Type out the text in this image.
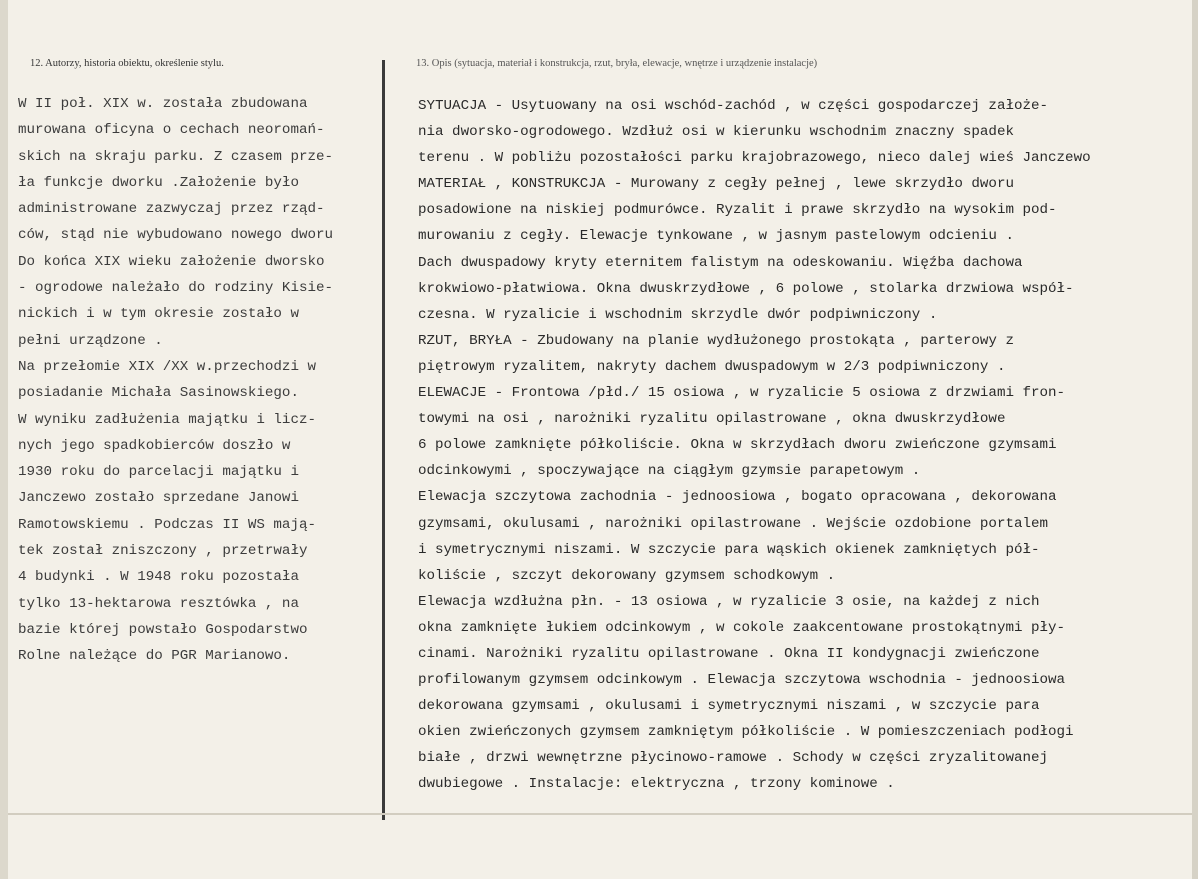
12. Autorzy, historia obiektu, określenie stylu.	13. Opis (sytuacja, materiał i konstrukcja, rzut, bryła, elewacje, wnętrze i urządzenie instalacje)
W II poł. XIX w. została zbudowana
murowana oficyna o cechach neoromań-
skich na skraju parku. Z czasem prze-
ła funkcje dworku .Założenie było
administrowane zazwyczaj przez rząd-
ców, stąd nie wybudowano nowego dworu
Do końca XIX wieku założenie dworsko
- ogrodowe należało do rodziny Kisie-
nickich i w tym okresie zostało w
pełni urządzone .
Na przełomie XIX /XX w.przechodzi w
posiadanie Michała Sasinowskiego.
W wyniku zadłużenia majątku i licz-
nych jego spadkobierców doszło w
1930 roku do parcelacji majątku i
Janczewo zostało sprzedane Janowi
Ramotowskiemu . Podczas II WS mają-
tek został zniszczony , przetrwały
4 budynki . W 1948 roku pozostała
tylko 13-hektarowa resztówka , na
bazie której powstało Gospodarstwo
Rolne należące do PGR Marianowo.
SYTUACJA - Usytuowany na osi wschód-zachód , w części gospodarczej założe-
nia dworsko-ogrodowego. Wzdłuż osi w kierunku wschodnim znaczny spadek
terenu . W pobliżu pozostałości parku krajobrazowego, nieco dalej wieś Janczewo
MATERIAŁ , KONSTRUKCJA - Murowany z cegły pełnej , lewe skrzydło dworu
posadowione na niskiej podmurówce. Ryzalit i prawe skrzydło na wysokim pod-
murowaniu z cegły. Elewacje tynkowane , w jasnym pastelowym odcieniu .
Dach dwuspadowy kryty eternitem falistym na odeskowaniu. Więźba dachowa
krokwiowo-płatwiowa. Okna dwuskrzydłowe , 6 polowe , stolarka drzwiowa współ-
czesna. W ryzalicie i wschodnim skrzydle dwór podpiwniczony .
RZUT, BRYŁA - Zbudowany na planie wydłużonego prostokąta , parterowy z
piętrowym ryzalitem, nakryty dachem dwuspadowym w 2/3 podpiwniczony .
ELEWACJE - Frontowa /płd./ 15 osiowa , w ryzalicie 5 osiowa z drzwiami fron-
towymi na osi , narożniki ryzalitu opilastrowane , okna dwuskrzydłowe
6 polowe zamknięte półkoliście. Okna w skrzydłach dworu zwieńczone gzymsami
odcinkowymi , spoczywające na ciągłym gzymsie parapetowym .
Elewacja szczytowa zachodnia - jednoosiowa , bogato opracowana , dekorowana
gzymsami, okulusami , narożniki opilastrowane . Wejście ozdobione portalem
i symetrycznymi niszami. W szczycie para wąskich okienek zamkniętych pół-
koliście , szczyt dekorowany gzymsem schodkowym .
Elewacja wzdłużna płn. - 13 osiowa , w ryzalicie 3 osie, na każdej z nich
okna zamknięte łukiem odcinkowym , w cokole zaakcentowane prostokątnymi pły-
cinami. Narożniki ryzalitu opilastrowane . Okna II kondygnacji zwieńczone
profilowanym gzymsem odcinkowym . Elewacja szczytowa wschodnia - jednoosiowa
dekorowana gzymsami , okulusami i symetrycznymi niszami , w szczycie para
okien zwieńczonych gzymsem zamkniętym półkoliście . W pomieszczeniach podłogi
białe , drzwi wewnętrzne płycinowo-ramowe . Schody w części zryzalitowanej
dwubiegowe . Instalacje: elektryczna , trzony kominowe .
